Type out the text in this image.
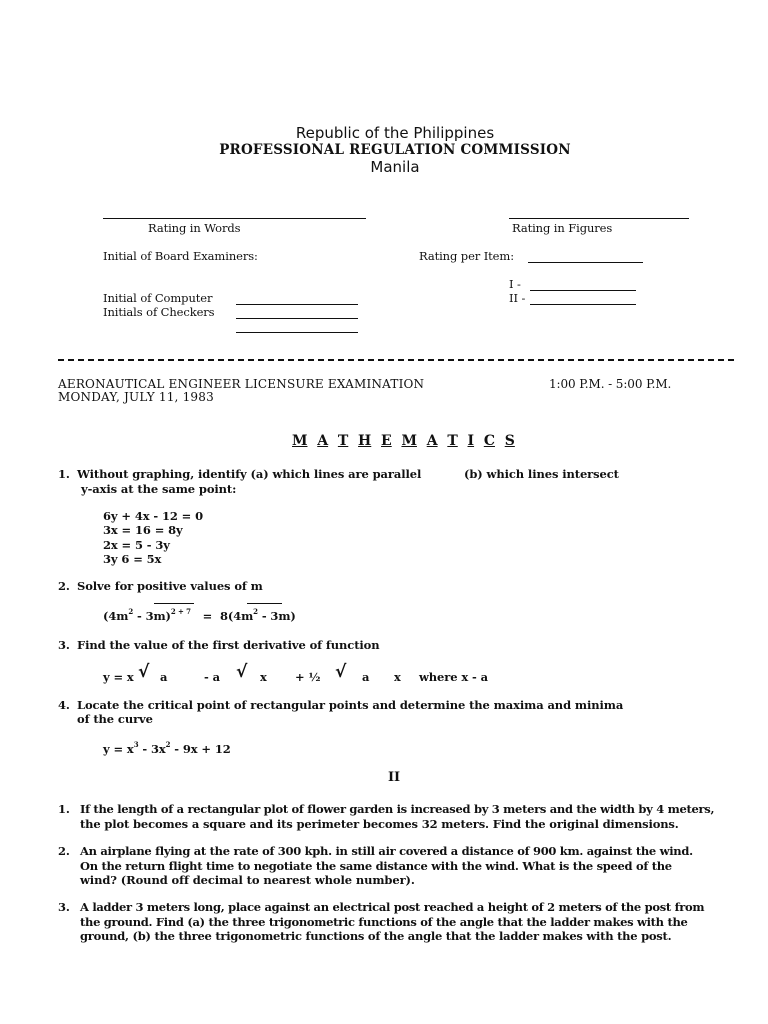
Republic of the Philippines
PROFESSIONAL REGULATION COMMISSION
Manila
Rating in Words	Rating in Figures
Initial of Board Examiners:	Rating per Item:
I -
II -
Initial of Computer
Initials of Checkers
AERONAUTICAL ENGINEER LICENSURE EXAMINATION	1:00 P.M. - 5:00 P.M.
MONDAY, JULY 11, 1983
M A T H E M A T I C S
1. Without graphing, identify (a) which lines are parallel	(b) which lines intersect
y-axis at the same point:
6y + 4x - 12 = 0
3x = 16 = 8y
2x = 5 - 3y
3y 6 = 5x
2. Solve for positive values of m
$(4m^2 - 3m)^{2 + 7} = 8(4m^2 - 3m)$
3. Find the value of the first derivative of function
y = x √ a	- a √ x + ½ √ a x where x - a
4. Locate the critical point of rectangular points and determine the maxima and minima
of the curve
$y = x^3 - 3x^2 - 9x + 12$
II
1. If the length of a rectangular plot of flower garden is increased by 3 meters and the width by 4 meters,
the plot becomes a square and its perimeter becomes 32 meters. Find the original dimensions.
2. An airplane flying at the rate of 300 kph. in still air covered a distance of 900 km. against the wind.
On the return flight time to negotiate the same distance with the wind. What is the speed of the
wind? (Round off decimal to nearest whole number).
3. A ladder 3 meters long, place against an electrical post reached a height of 2 meters of the post from
the ground. Find (a) the three trigonometric functions of the angle that the ladder makes with the
ground, (b) the three trigonometric functions of the angle that the ladder makes with the post.
